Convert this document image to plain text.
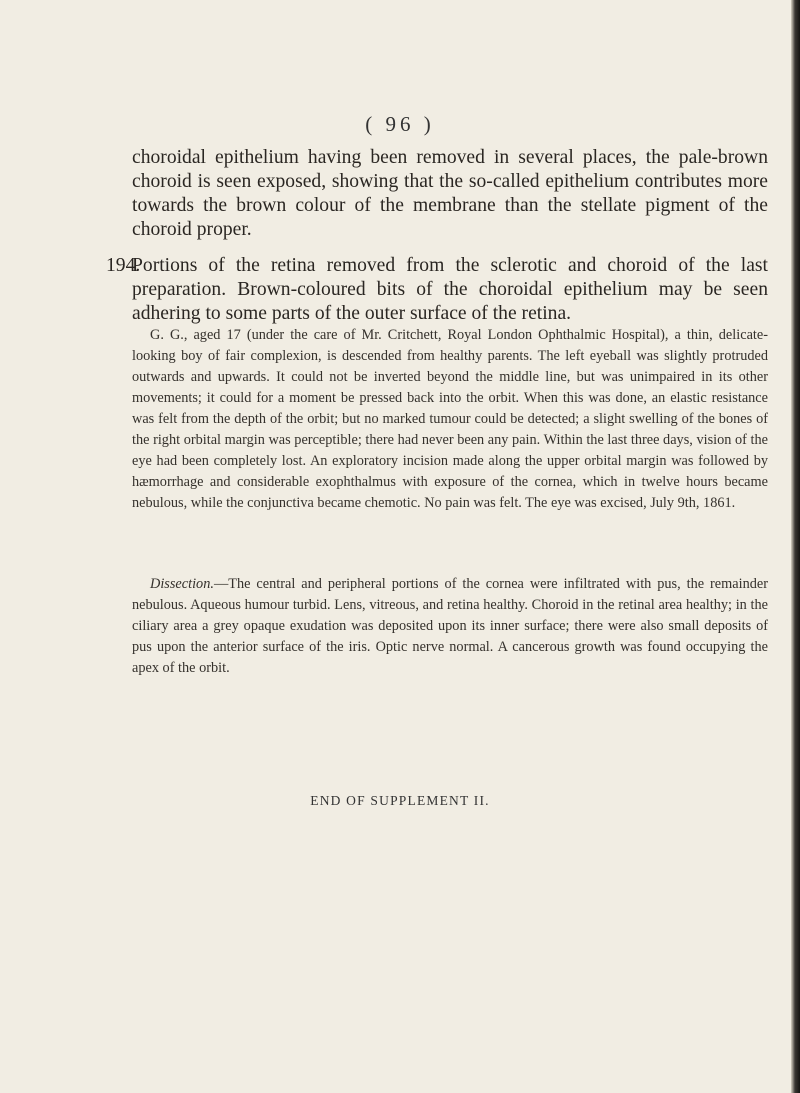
( 96 )

choroidal epithelium having been removed in several places, the pale-brown choroid is seen exposed, showing that the so-called epithelium contributes more towards the brown colour of the membrane than the stellate pigment of the choroid proper.

194.
Portions of the retina removed from the sclerotic and choroid of the last preparation. Brown-coloured bits of the choroidal epithelium may be seen adhering to some parts of the outer surface of the retina.

G. G., aged 17 (under the care of Mr. Critchett, Royal London Ophthalmic Hospital), a thin, delicate-looking boy of fair complexion, is descended from healthy parents. The left eyeball was slightly protruded outwards and upwards. It could not be inverted beyond the middle line, but was unimpaired in its other movements; it could for a moment be pressed back into the orbit. When this was done, an elastic resistance was felt from the depth of the orbit; but no marked tumour could be detected; a slight swelling of the bones of the right orbital margin was perceptible; there had never been any pain. Within the last three days, vision of the eye had been completely lost. An exploratory incision made along the upper orbital margin was followed by hæmorrhage and considerable exophthalmus with exposure of the cornea, which in twelve hours became nebulous, while the conjunctiva became chemotic. No pain was felt. The eye was excised, July 9th, 1861.

Dissection.—The central and peripheral portions of the cornea were infiltrated with pus, the remainder nebulous. Aqueous humour turbid. Lens, vitreous, and retina healthy. Choroid in the retinal area healthy; in the ciliary area a grey opaque exudation was deposited upon its inner surface; there were also small deposits of pus upon the anterior surface of the iris. Optic nerve normal. A cancerous growth was found occupying the apex of the orbit.

END OF SUPPLEMENT II.
